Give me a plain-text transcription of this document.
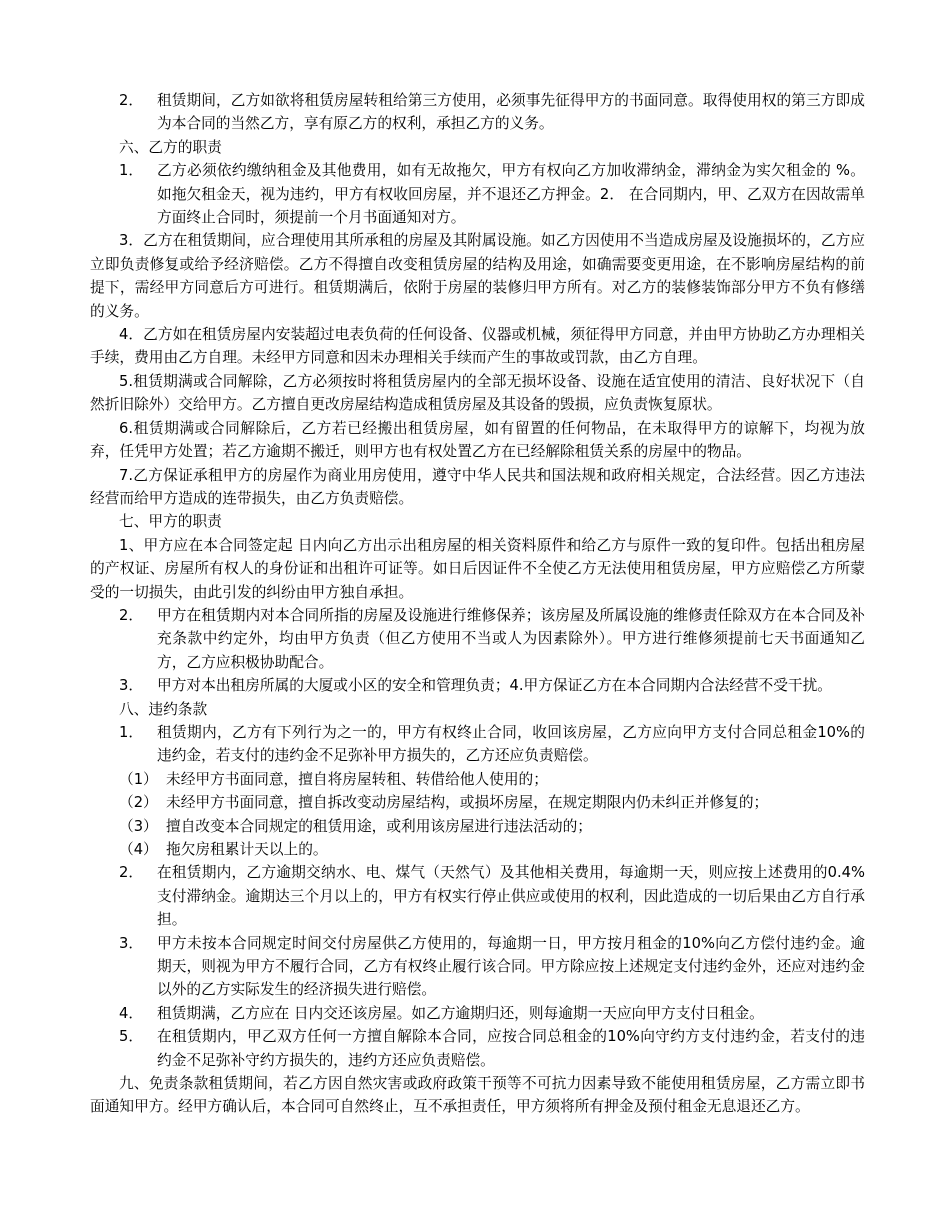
2． 租赁期间，乙方如欲将租赁房屋转租给第三方使用，必须事先征得甲方的书面同意。取得使用权的第三方即成为本合同的当然乙方，享有原乙方的权利，承担乙方的义务。
六、乙方的职责
1． 乙方必须依约缴纳租金及其他费用，如有无故拖欠，甲方有权向乙方加收滞纳金，滞纳金为实欠租金的 %。如拖欠租金天，视为违约，甲方有权收回房屋，并不退还乙方押金。2． 在合同期内，甲、乙双方在因故需单方面终止合同时，须提前一个月书面通知对方。
3．乙方在租赁期间，应合理使用其所承租的房屋及其附属设施。如乙方因使用不当造成房屋及设施损坏的，乙方应立即负责修复或给予经济赔偿。乙方不得擅自改变租赁房屋的结构及用途，如确需要变更用途，在不影响房屋结构的前提下，需经甲方同意后方可进行。租赁期满后，依附于房屋的装修归甲方所有。对乙方的装修装饰部分甲方不负有修缮的义务。
4．乙方如在租赁房屋内安装超过电表负荷的任何设备、仪器或机械，须征得甲方同意，并由甲方协助乙方办理相关手续，费用由乙方自理。未经甲方同意和因未办理相关手续而产生的事故或罚款，由乙方自理。
5.租赁期满或合同解除，乙方必须按时将租赁房屋内的全部无损坏设备、设施在适宜使用的清洁、良好状况下（自然折旧除外）交给甲方。乙方擅自更改房屋结构造成租赁房屋及其设备的毁损，应负责恢复原状。
6.租赁期满或合同解除后，乙方若已经搬出租赁房屋，如有留置的任何物品，在未取得甲方的谅解下，均视为放弃，任凭甲方处置；若乙方逾期不搬迁，则甲方也有权处置乙方在已经解除租赁关系的房屋中的物品。
7.乙方保证承租甲方的房屋作为商业用房使用，遵守中华人民共和国法规和政府相关规定，合法经营。因乙方违法经营而给甲方造成的连带损失，由乙方负责赔偿。
七、甲方的职责
1、甲方应在本合同签定起 日内向乙方出示出租房屋的相关资料原件和给乙方与原件一致的复印件。包括出租房屋的产权证、房屋所有权人的身份证和出租许可证等。如日后因证件不全使乙方无法使用租赁房屋，甲方应赔偿乙方所蒙受的一切损失，由此引发的纠纷由甲方独自承担。
2． 甲方在租赁期内对本合同所指的房屋及设施进行维修保养；该房屋及所属设施的维修责任除双方在本合同及补充条款中约定外，均由甲方负责（但乙方使用不当或人为因素除外）。甲方进行维修须提前七天书面通知乙方，乙方应积极协助配合。
3． 甲方对本出租房所属的大厦或小区的安全和管理负责；4.甲方保证乙方在本合同期内合法经营不受干扰。
八、违约条款
1． 租赁期内，乙方有下列行为之一的，甲方有权终止合同，收回该房屋，乙方应向甲方支付合同总租金10%的违约金，若支付的违约金不足弥补甲方损失的，乙方还应负责赔偿。
（1） 未经甲方书面同意，擅自将房屋转租、转借给他人使用的；
（2） 未经甲方书面同意，擅自拆改变动房屋结构，或损坏房屋，在规定期限内仍未纠正并修复的；
（3） 擅自改变本合同规定的租赁用途，或利用该房屋进行违法活动的；
（4） 拖欠房租累计天以上的。
2． 在租赁期内，乙方逾期交纳水、电、煤气（天然气）及其他相关费用，每逾期一天，则应按上述费用的0.4%支付滞纳金。逾期达三个月以上的，甲方有权实行停止供应或使用的权利，因此造成的一切后果由乙方自行承担。
3． 甲方未按本合同规定时间交付房屋供乙方使用的，每逾期一日，甲方按月租金的10%向乙方偿付违约金。逾期天，则视为甲方不履行合同，乙方有权终止履行该合同。甲方除应按上述规定支付违约金外，还应对违约金以外的乙方实际发生的经济损失进行赔偿。
4． 租赁期满，乙方应在 日内交还该房屋。如乙方逾期归还，则每逾期一天应向甲方支付日租金。
5． 在租赁期内，甲乙双方任何一方擅自解除本合同，应按合同总租金的10%向守约方支付违约金，若支付的违约金不足弥补守约方损失的，违约方还应负责赔偿。
九、免责条款租赁期间，若乙方因自然灾害或政府政策干预等不可抗力因素导致不能使用租赁房屋，乙方需立即书面通知甲方。经甲方确认后，本合同可自然终止，互不承担责任，甲方须将所有押金及预付租金无息退还乙方。
